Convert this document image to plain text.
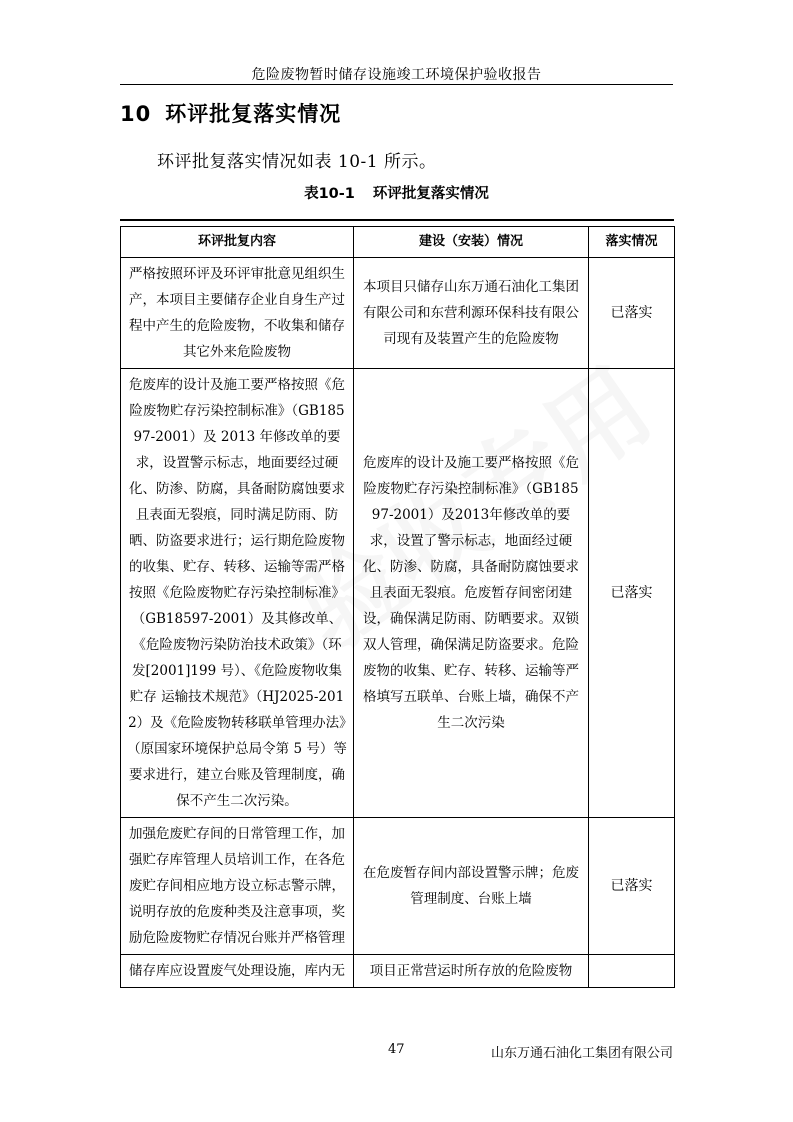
危险废物暂时储存设施竣工环境保护验收报告
10 环评批复落实情况
环评批复落实情况如表 10-1 所示。
表10-1 环评批复落实情况
环评批复内容	建设（安装）情况	落实情况
严格按照环评及环评审批意见组织生产，本项目主要储存企业自身生产过程中产生的危险废物，不收集和储存其它外来危险废物	本项目只储存山东万通石油化工集团有限公司和东营利源环保科技有限公司现有及装置产生的危险废物	已落实
危废库的设计及施工要严格按照《危险废物贮存污染控制标准》（GB18597-2001）及 2013 年修改单的要求，设置警示标志，地面要经过硬化、防渗、防腐，具备耐防腐蚀要求且表面无裂痕，同时满足防雨、防晒、防盗要求进行；运行期危险废物的收集、贮存、转移、运输等需严格按照《危险废物贮存污染控制标准》（GB18597-2001）及其修改单、《危险废物污染防治技术政策》（环发[2001]199 号）、《危险废物收集 贮存 运输技术规范》（HJ2025-2012）及《危险废物转移联单管理办法》（原国家环境保护总局令第 5 号）等要求进行，建立台账及管理制度，确保不产生二次污染。	危废库的设计及施工要严格按照《危险废物贮存污染控制标准》（GB18597-2001）及2013年修改单的要求，设置了警示标志，地面经过硬化、防渗、防腐，具备耐防腐蚀要求且表面无裂痕。危废暂存间密闭建设，确保满足防雨、防晒要求。双锁双人管理，确保满足防盗要求。危险废物的收集、贮存、转移、运输等严格填写五联单、台账上墙，确保不产生二次污染	已落实
加强危废贮存间的日常管理工作，加强贮存库管理人员培训工作，在各危废贮存间相应地方设立标志警示牌，说明存放的危废种类及注意事项，奖励危险废物贮存情况台账并严格管理	在危废暂存间内部设置警示牌；危废管理制度、台账上墙	已落实
储存库应设置废气处理设施，库内无	项目正常营运时所存放的危险废物	
47	山东万通石油化工集团有限公司
